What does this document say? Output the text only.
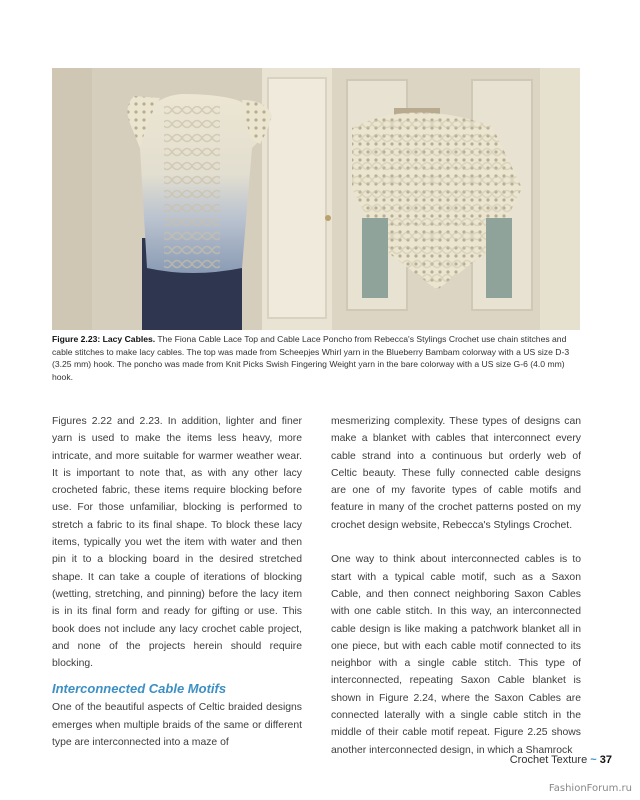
Figure 2.23: Lacy Cables. The Fiona Cable Lace Top and Cable Lace Poncho from Rebecca's Stylings Crochet use chain stitches and cable stitches to make lacy cables. The top was made from Scheepjes Whirl yarn in the Blueberry Bambam colorway with a US size D-3 (3.25 mm) hook. The poncho was made from Knit Picks Swish Fingering Weight yarn in the bare colorway with a US size G-6 (4.0 mm) hook.

Figures 2.22 and 2.23. In addition, lighter and finer yarn is used to make the items less heavy, more intricate, and more suitable for warmer weather wear. It is important to note that, as with any other lacy crocheted fabric, these items require blocking before use. For those unfamiliar, blocking is performed to stretch a fabric to its final shape. To block these lacy items, typically you wet the item with water and then pin it to a blocking board in the desired stretched shape. It can take a couple of iterations of blocking (wetting, stretching, and pinning) before the lacy item is in its final form and ready for gifting or use. This book does not include any lacy crochet cable project, and none of the projects herein should require blocking.

Interconnected Cable Motifs

One of the beautiful aspects of Celtic braided designs emerges when multiple braids of the same or different type are interconnected into a maze of

mesmerizing complexity. These types of designs can make a blanket with cables that interconnect every cable strand into a continuous but orderly web of Celtic beauty. These fully connected cable designs are one of my favorite types of cable motifs and feature in many of the crochet patterns posted on my crochet design website, Rebecca's Stylings Crochet.

One way to think about interconnected cables is to start with a typical cable motif, such as a Saxon Cable, and then connect neighboring Saxon Cables with one cable stitch. In this way, an interconnected cable design is like making a patchwork blanket all in one piece, but with each cable motif connected to its neighbor with a single cable stitch. This type of interconnected, repeating Saxon Cable blanket is shown in Figure 2.24, where the Saxon Cables are connected laterally with a single cable stitch in the middle of their cable motif repeat. Figure 2.25 shows another interconnected design, in which a Shamrock

Crochet Texture ~ 37
FashionForum.ru
